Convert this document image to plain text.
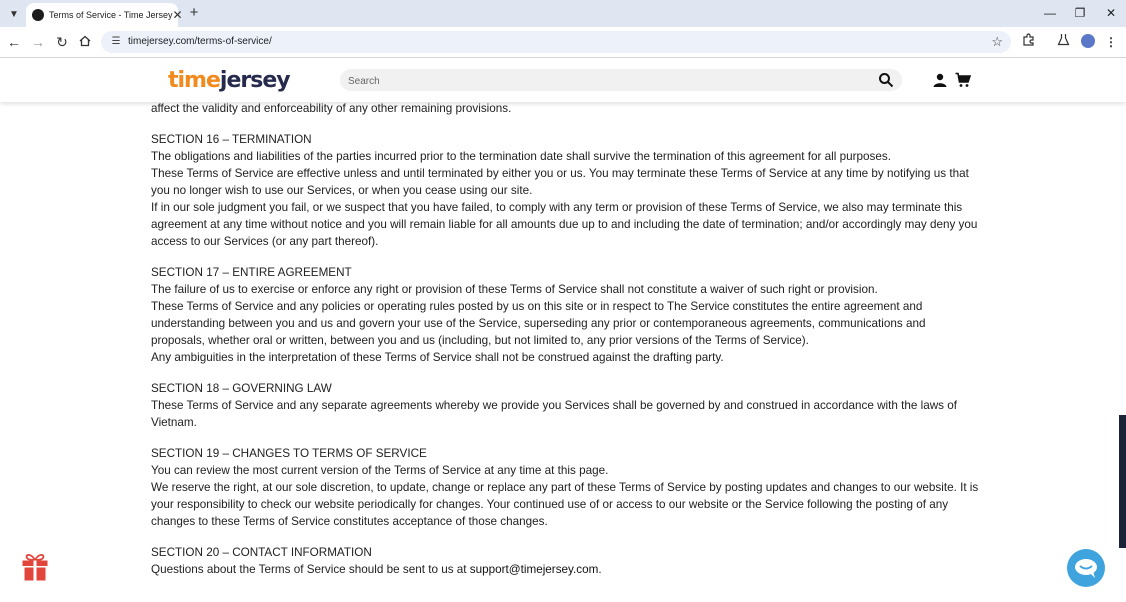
▼	Terms of Service - Time Jersey ✕ +	—	❐	✕
← → ↻	☰ timejersey.com/terms-of-service/	☆	⋮
timejersey
Search

affect the validity and enforceability of any other remaining provisions.

SECTION 16 – TERMINATION

The obligations and liabilities of the parties incurred prior to the termination date shall survive the termination of this agreement for all purposes.

These Terms of Service are effective unless and until terminated by either you or us. You may terminate these Terms of Service at any time by notifying us that you no longer wish to use our Services, or when you cease using our site.

If in our sole judgment you fail, or we suspect that you have failed, to comply with any term or provision of these Terms of Service, we also may terminate this agreement at any time without notice and you will remain liable for all amounts due up to and including the date of termination; and/or accordingly may deny you access to our Services (or any part thereof).

SECTION 17 – ENTIRE AGREEMENT

The failure of us to exercise or enforce any right or provision of these Terms of Service shall not constitute a waiver of such right or provision.

These Terms of Service and any policies or operating rules posted by us on this site or in respect to The Service constitutes the entire agreement and understanding between you and us and govern your use of the Service, superseding any prior or contemporaneous agreements, communications and proposals, whether oral or written, between you and us (including, but not limited to, any prior versions of the Terms of Service).

Any ambiguities in the interpretation of these Terms of Service shall not be construed against the drafting party.

SECTION 18 – GOVERNING LAW

These Terms of Service and any separate agreements whereby we provide you Services shall be governed by and construed in accordance with the laws of Vietnam.

SECTION 19 – CHANGES TO TERMS OF SERVICE

You can review the most current version of the Terms of Service at any time at this page.

We reserve the right, at our sole discretion, to update, change or replace any part of these Terms of Service by posting updates and changes to our website. It is your responsibility to check our website periodically for changes. Your continued use of or access to our website or the Service following the posting of any changes to these Terms of Service constitutes acceptance of those changes.

SECTION 20 – CONTACT INFORMATION

Questions about the Terms of Service should be sent to us at support@timejersey.com.
